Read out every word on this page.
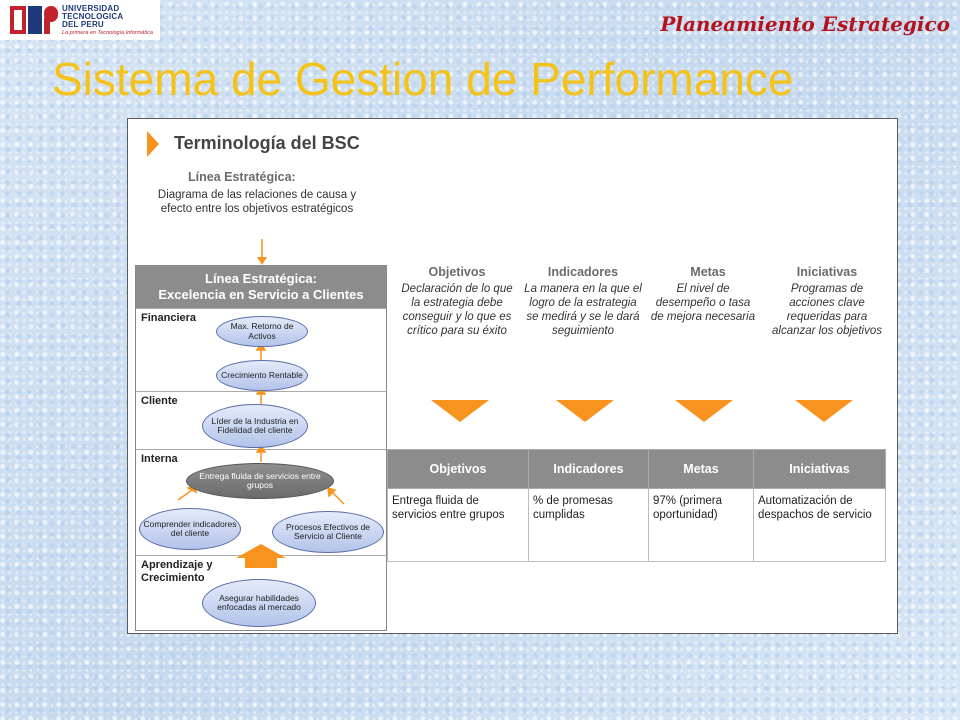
UNIVERSIDAD
TECNOLOGICA
DEL PERU
La primera en Tecnología Informática	Planeamiento Estrategico
Sistema de Gestion de Performance
Terminología del BSC
Línea Estratégica:
Diagrama de las relaciones de causa y efecto entre los objetivos estratégicos
Línea Estratégica:
Excelencia en Servicio a Clientes
Financiera
Cliente
Interna
Aprendizaje y Crecimiento
Max. Retorno de Activos
Crecimiento Rentable
Líder de la Industria en Fidelidad del cliente
Entrega fluida de servicios entre grupos
Comprender indicadores del cliente
Procesos Efectivos de Servicio al Cliente
Asegurar habilidades enfocadas al mercado
Objetivos
Declaración de lo que la estrategia debe conseguir y lo que es crítico para su éxito
Indicadores
La manera en la que el logro de la estrategia se medirá y se le dará seguimiento
Metas
El nivel de desempeño o tasa de mejora necesaria
Iniciativas
Programas de acciones clave requeridas para alcanzar los objetivos
Objetivos	Indicadores	Metas	Iniciativas
Entrega fluida de servicios entre grupos	% de promesas cumplidas	97% (primera oportunidad)	Automatización de despachos de servicio
